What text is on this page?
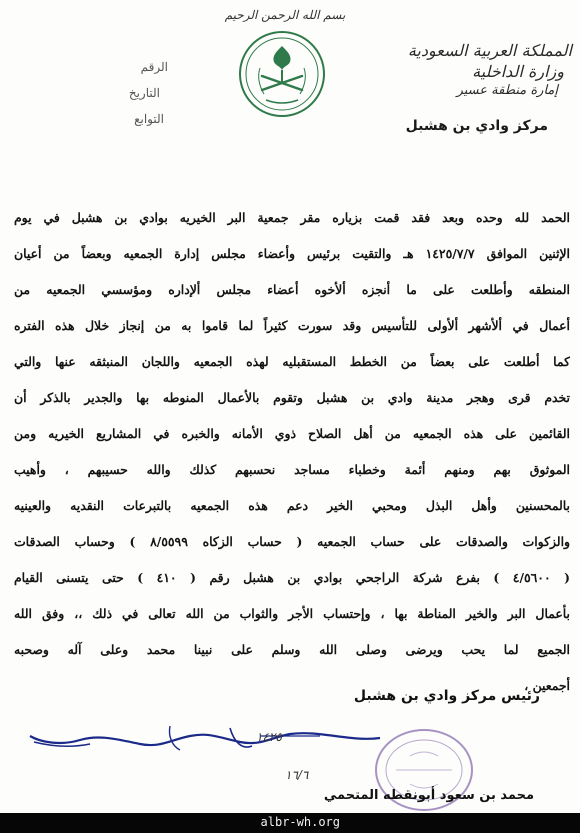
بسم الله الرحمن الرحيم
الرقم
التاريخ
التوابع
المملكة العربية السعودية
وزارة الداخلية
إمارة منطقة عسير
مركز وادي بن هشبل
الحمد لله وحده وبعد فقد قمت بزياره مقر جمعية البر الخيريه بوادي بن هشبل في يوم
الإثنين الموافق ١٤٢٥/٧/٧ هـ والتقيت برئيس وأعضاء مجلس إدارة الجمعيه وبعضاً من أعيان
المنطقه وأطلعت على ما أنجزه ألأخوه أعضاء مجلس ألإداره ومؤسسي الجمعيه من
أعمال في ألأشهر ألأولى للتأسيس وقد سورت كثيراً لما قاموا به من إنجاز خلال هذه الفتره
كما أطلعت على بعضاً من الخطط المستقبليه لهذه الجمعيه واللجان المنبثقه عنها والتي
تخدم قرى وهجر مدينة وادي بن هشبل وتقوم بالأعمال المنوطه بها والجدير بالذكر أن
القائمين على هذه الجمعيه من أهل الصلاح ذوي الأمانه والخبره في المشاريع الخيريه ومن
الموثوق بهم ومنهم أئمة وخطباء مساجد نحسبهم كذلك والله حسيبهم ، وأهيب
بالمحسنين وأهل البذل ومحبي الخير دعم هذه الجمعيه بالتبرعات النقديه والعينيه
والزكوات والصدقات على حساب الجمعيه ( حساب الزكاه ٨/٥٥٩٩ ) وحساب الصدقات
( ٤/٥٦٠٠ ) بفرع شركة الراجحي بوادي بن هشبل رقم ( ٤١٠ ) حتى يتسنى القيام
بأعمال البر والخير المناطة بها ، وإحتساب الأجر والثواب من الله تعالى في ذلك ،، وفق الله
الجميع لما يحب ويرضى وصلى الله وسلم على نبينا محمد وعلى آله وصحبه
أجمعين ،
رئيس مركز وادي بن هشبل
١٤٢٥
١٦/٦
محمد بن سعود أبونقطه المتحمي
albr-wh.org
